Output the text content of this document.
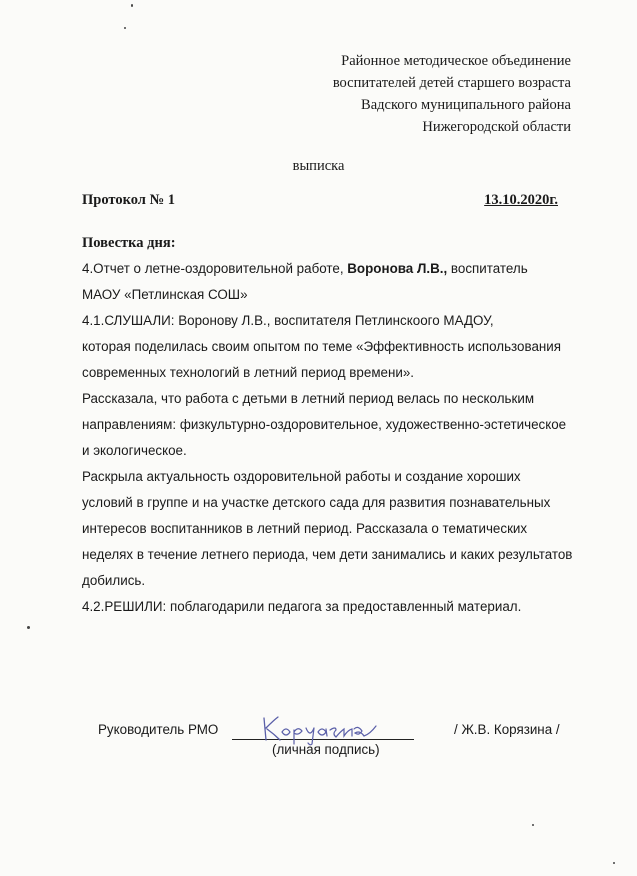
Районное методическое объединение
воспитателей детей старшего возраста
Вадского муниципального района
Нижегородской области
выписка
Протокол № 1	13.10.2020г.
Повестка дня:
4.Отчет о летне-оздоровительной работе, Воронова Л.В., воспитатель
МАОУ «Петлинская СОШ»
4.1.СЛУШАЛИ: Воронову Л.В., воспитателя Петлинскоого МАДОУ,
которая поделилась своим опытом по теме «Эффективность использования
современных технологий в летний период времени».
Рассказала, что работа с детьми в летний период велась по нескольким
направлениям: физкультурно-оздоровительное, художественно-эстетическое
и экологическое.
Раскрыла актуальность оздоровительной работы и создание хороших
условий в группе и на участке детского сада для развития познавательных
интересов воспитанников в летний период. Рассказала о тематических
неделях в течение летнего периода, чем дети занимались и каких результатов
добились.
4.2.РЕШИЛИ: поблагодарили педагога за предоставленный материал.
Руководитель РМО
(личная подпись)
/ Ж.В. Корязина /
